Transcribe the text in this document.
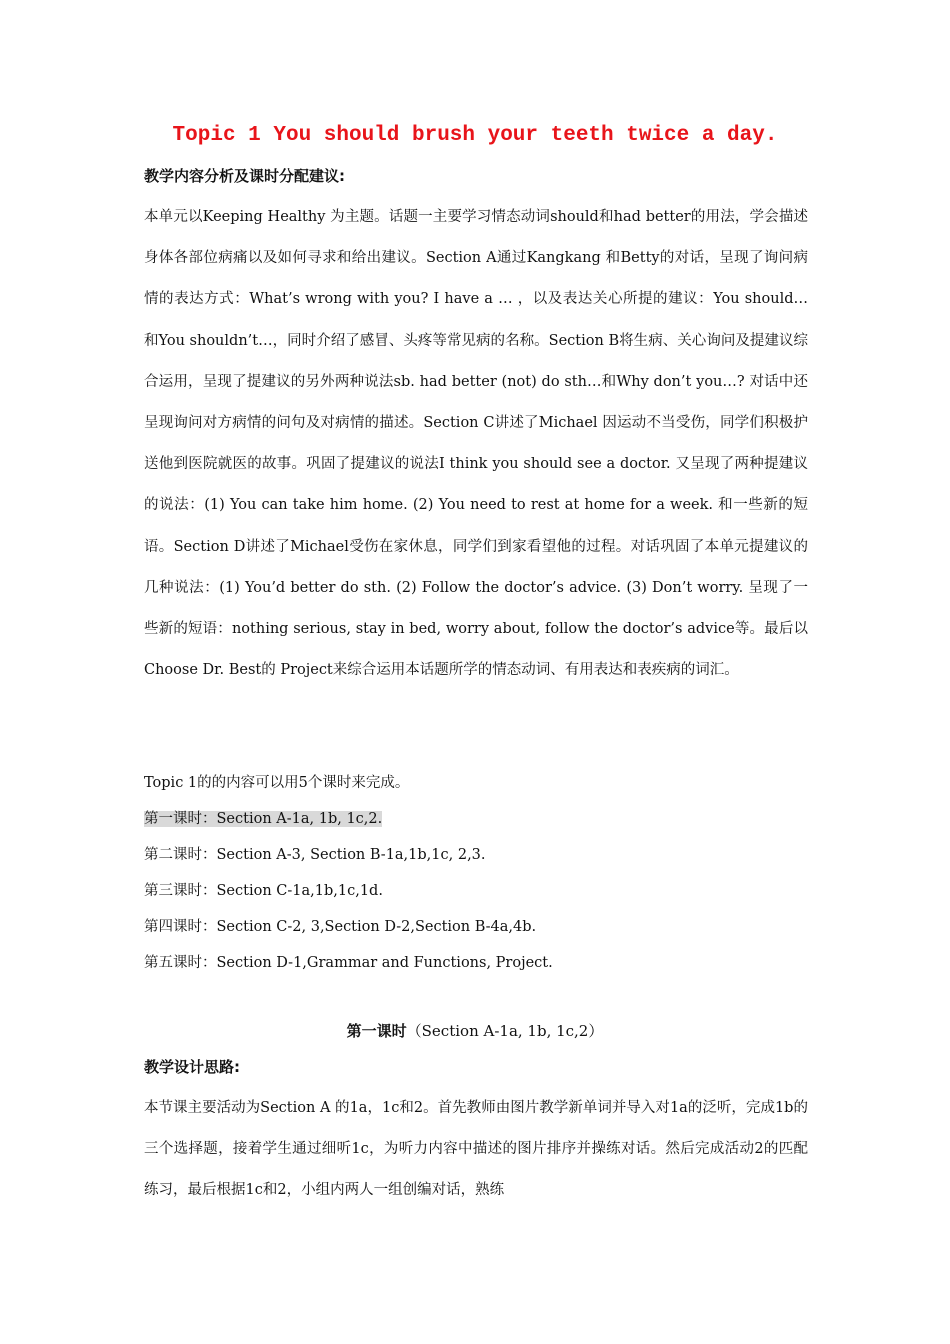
Topic 1 You should brush your teeth twice a day.
教学内容分析及课时分配建议:
本单元以Keeping Healthy 为主题。话题一主要学习情态动词should和had better的用法，学会描述身体各部位病痛以及如何寻求和给出建议。Section A通过Kangkang 和Betty的对话，呈现了询问病情的表达方式：What’s wrong with you? I have a … ，以及表达关心所提的建议：You should… 和You shouldn’t…，同时介绍了感冒、头疼等常见病的名称。Section B将生病、关心询问及提建议综合运用，呈现了提建议的另外两种说法sb. had better (not) do sth…和Why don’t you…? 对话中还呈现询问对方病情的问句及对病情的描述。Section C讲述了Michael 因运动不当受伤，同学们积极护送他到医院就医的故事。巩固了提建议的说法I think you should see a doctor. 又呈现了两种提建议的说法：(1) You can take him home. (2) You need to rest at home for a week. 和一些新的短语。Section D讲述了Michael受伤在家休息，同学们到家看望他的过程。对话巩固了本单元提建议的几种说法：(1) You’d better do sth. (2) Follow the doctor’s advice. (3) Don’t worry. 呈现了一些新的短语：nothing serious, stay in bed, worry about, follow the doctor’s advice等。最后以Choose Dr. Best的 Project来综合运用本话题所学的情态动词、有用表达和表疾病的词汇。
Topic 1的的内容可以用5个课时来完成。
第一课时：Section A-1a, 1b, 1c,2.
第二课时：Section A-3, Section B-1a,1b,1c, 2,3.
第三课时：Section C-1a,1b,1c,1d.
第四课时：Section C-2, 3,Section D-2,Section B-4a,4b.
第五课时：Section D-1,Grammar and Functions, Project.
第一课时（Section A-1a, 1b, 1c,2）
教学设计思路:
本节课主要活动为Section A 的1a，1c和2。首先教师由图片教学新单词并导入对1a的泛听，完成1b的三个选择题，接着学生通过细听1c，为听力内容中描述的图片排序并操练对话。然后完成活动2的匹配练习，最后根据1c和2，小组内两人一组创编对话，熟练
